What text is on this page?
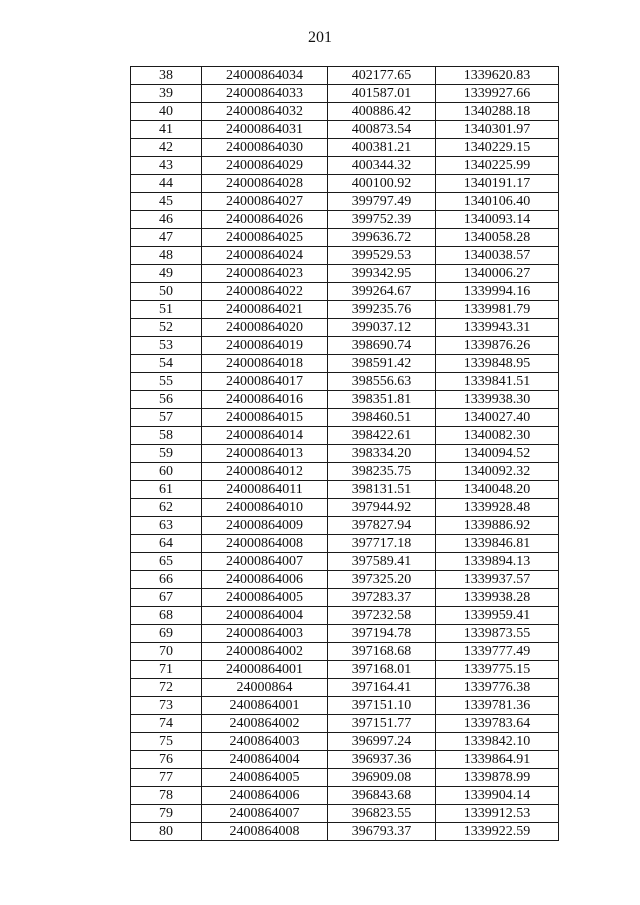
201
38	24000864034	402177.65	1339620.83
39	24000864033	401587.01	1339927.66
40	24000864032	400886.42	1340288.18
41	24000864031	400873.54	1340301.97
42	24000864030	400381.21	1340229.15
43	24000864029	400344.32	1340225.99
44	24000864028	400100.92	1340191.17
45	24000864027	399797.49	1340106.40
46	24000864026	399752.39	1340093.14
47	24000864025	399636.72	1340058.28
48	24000864024	399529.53	1340038.57
49	24000864023	399342.95	1340006.27
50	24000864022	399264.67	1339994.16
51	24000864021	399235.76	1339981.79
52	24000864020	399037.12	1339943.31
53	24000864019	398690.74	1339876.26
54	24000864018	398591.42	1339848.95
55	24000864017	398556.63	1339841.51
56	24000864016	398351.81	1339938.30
57	24000864015	398460.51	1340027.40
58	24000864014	398422.61	1340082.30
59	24000864013	398334.20	1340094.52
60	24000864012	398235.75	1340092.32
61	24000864011	398131.51	1340048.20
62	24000864010	397944.92	1339928.48
63	24000864009	397827.94	1339886.92
64	24000864008	397717.18	1339846.81
65	24000864007	397589.41	1339894.13
66	24000864006	397325.20	1339937.57
67	24000864005	397283.37	1339938.28
68	24000864004	397232.58	1339959.41
69	24000864003	397194.78	1339873.55
70	24000864002	397168.68	1339777.49
71	24000864001	397168.01	1339775.15
72	24000864	397164.41	1339776.38
73	2400864001	397151.10	1339781.36
74	2400864002	397151.77	1339783.64
75	2400864003	396997.24	1339842.10
76	2400864004	396937.36	1339864.91
77	2400864005	396909.08	1339878.99
78	2400864006	396843.68	1339904.14
79	2400864007	396823.55	1339912.53
80	2400864008	396793.37	1339922.59
